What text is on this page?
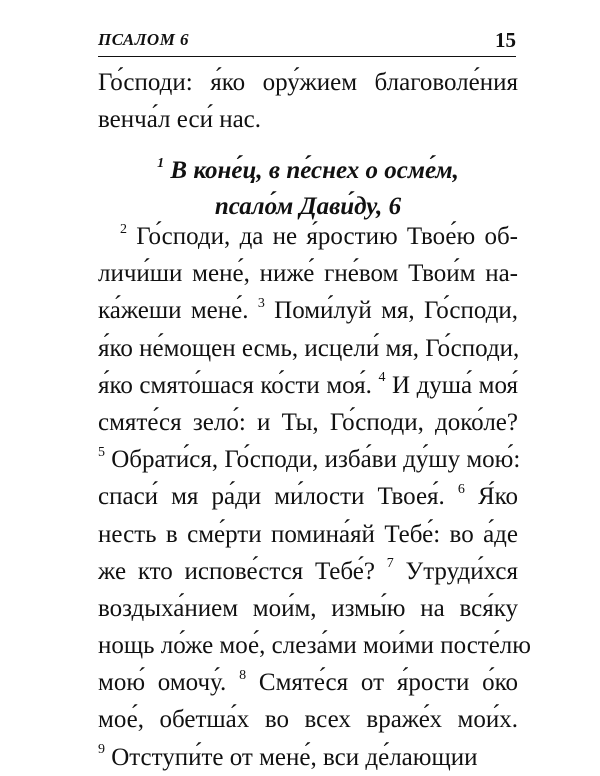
ПСАЛОМ 6	15
Го́споди: я́ко ору́жием благоволе́ния
венча́л еси́ нас.
$^1$ В коне́ц, в пе́снех о осме́м,
псало́м Дави́ду, 6
$^2$ Го́споди, да не я́ростию Твое́ю об-
личи́ши мене́, ниже́ гне́вом Твои́м на-
ка́жеши мене́. $^3$ Поми́луй мя, Го́споди,
я́ко не́мощен есмь, исцели́ мя, Го́споди,
я́ко смято́шася ко́сти моя́. $^4$ И душа́ моя́
смяте́ся зело́: и Ты, Го́споди, доко́ле?
$^5$ Обрати́ся, Го́споди, изба́ви ду́шу мою́:
спаси́ мя ра́ди ми́лости Твоея́. $^6$ Я́ко
несть в сме́рти помина́яй Тебе́: во а́де
же кто испове́стся Тебе́? $^7$ Утруди́хся
воздыха́нием мои́м, измы́ю на вся́ку
нощь ло́же мое́, слеза́ми мои́ми посте́лю
мою́ омочу́. $^8$ Смяте́ся от я́рости о́ко
мое́, обетша́х во всех враже́х мои́х.
$^9$ Отступи́те от мене́, вси де́лающии
